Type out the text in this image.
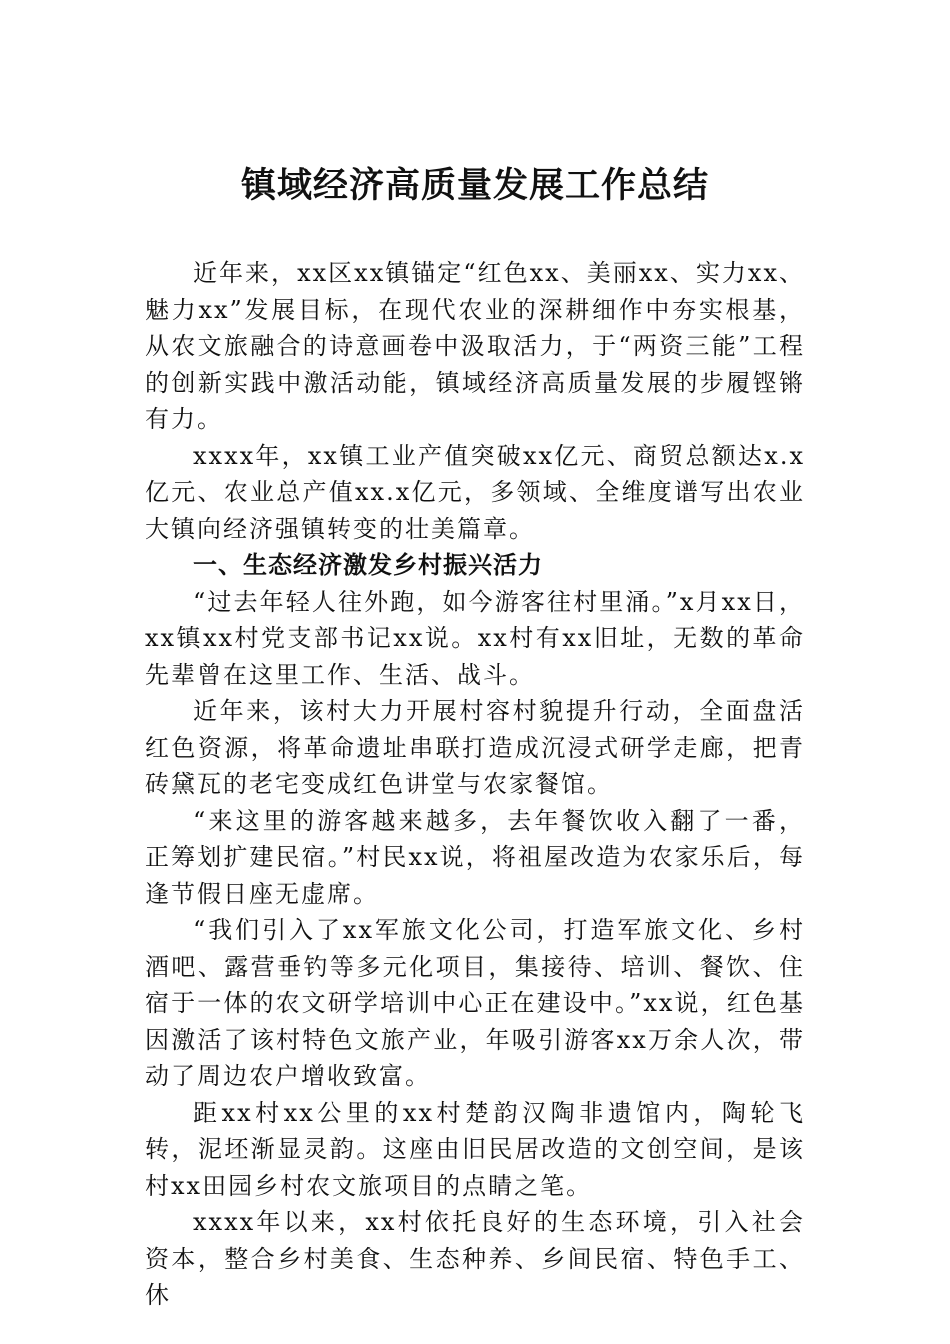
镇域经济高质量发展工作总结

近年来，xx区xx镇锚定“红色xx、美丽xx、实力xx、魅力xx”发展目标，在现代农业的深耕细作中夯实根基，从农文旅融合的诗意画卷中汲取活力，于“两资三能”工程的创新实践中激活动能，镇域经济高质量发展的步履铿锵有力。

xxxx年，xx镇工业产值突破xx亿元、商贸总额达x.x亿元、农业总产值xx.x亿元，多领域、全维度谱写出农业大镇向经济强镇转变的壮美篇章。

一、生态经济激发乡村振兴活力

“过去年轻人往外跑，如今游客往村里涌。”x月xx日，xx镇xx村党支部书记xx说。xx村有xx旧址，无数的革命先辈曾在这里工作、生活、战斗。

近年来，该村大力开展村容村貌提升行动，全面盘活红色资源，将革命遗址串联打造成沉浸式研学走廊，把青砖黛瓦的老宅变成红色讲堂与农家餐馆。

“来这里的游客越来越多，去年餐饮收入翻了一番，正筹划扩建民宿。”村民xx说，将祖屋改造为农家乐后，每逢节假日座无虚席。

“我们引入了xx军旅文化公司，打造军旅文化、乡村酒吧、露营垂钓等多元化项目，集接待、培训、餐饮、住宿于一体的农文研学培训中心正在建设中。”xx说，红色基因激活了该村特色文旅产业，年吸引游客xx万余人次，带动了周边农户增收致富。

距xx村xx公里的xx村楚韵汉陶非遗馆内，陶轮飞转，泥坯渐显灵韵。这座由旧民居改造的文创空间，是该村xx田园乡村农文旅项目的点睛之笔。

xxxx年以来，xx村依托良好的生态环境，引入社会资本，整合乡村美食、生态种养、乡间民宿、特色手工、休
